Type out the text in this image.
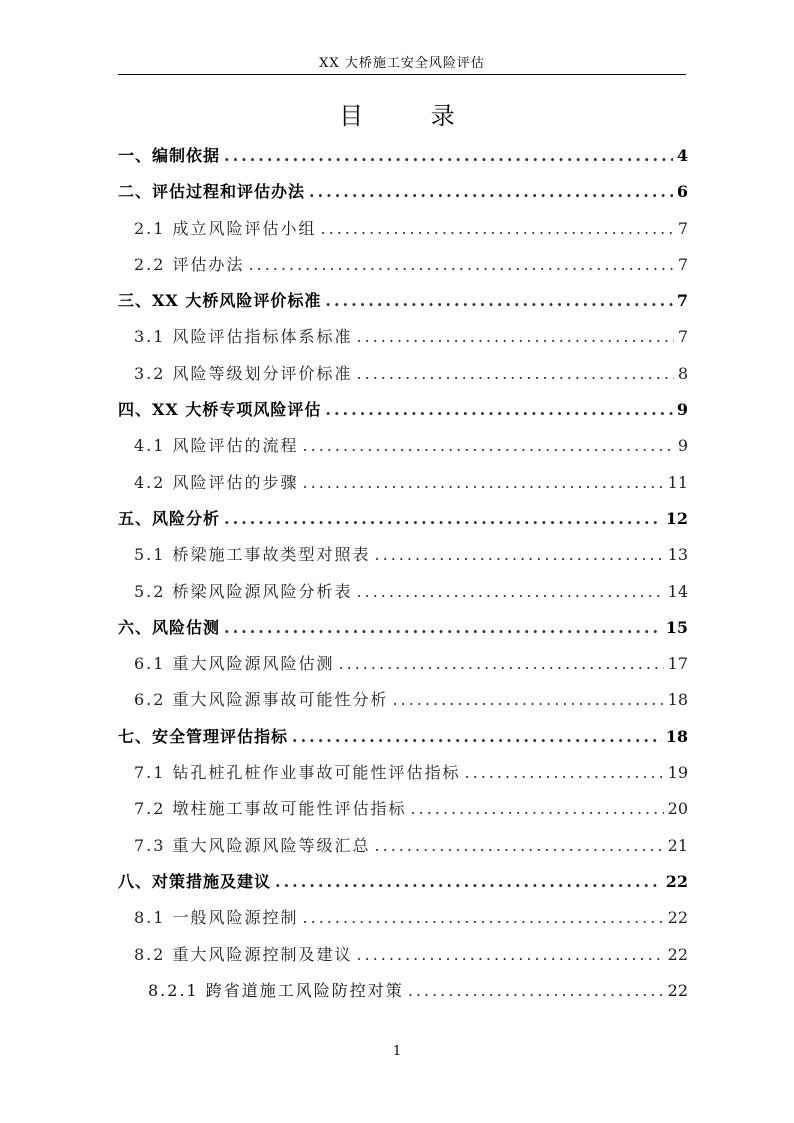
XX 大桥施工安全风险评估
目 录
一、编制依据 .....	4
二、评估过程和评估办法 .....	6
2.1 成立风险评估小组 .....	7
2.2 评估办法 .....	7
三、XX 大桥风险评价标准 .....	7
3.1 风险评估指标体系标准 .....	7
3.2 风险等级划分评价标准 .....	8
四、XX 大桥专项风险评估 .....	9
4.1 风险评估的流程 .....	9
4.2 风险评估的步骤 .....	11
五、风险分析 .....	12
5.1 桥梁施工事故类型对照表 .....	13
5.2 桥梁风险源风险分析表 .....	14
六、风险估测 .....	15
6.1 重大风险源风险估测 .....	17
6.2 重大风险源事故可能性分析 .....	18
七、安全管理评估指标 .....	18
7.1 钻孔桩孔桩作业事故可能性评估指标 .....	19
7.2 墩柱施工事故可能性评估指标 .....	20
7.3 重大风险源风险等级汇总 .....	21
八、对策措施及建议 .....	22
8.1 一般风险源控制 .....	22
8.2 重大风险源控制及建议 .....	22
8.2.1 跨省道施工风险防控对策 .....	22
1
